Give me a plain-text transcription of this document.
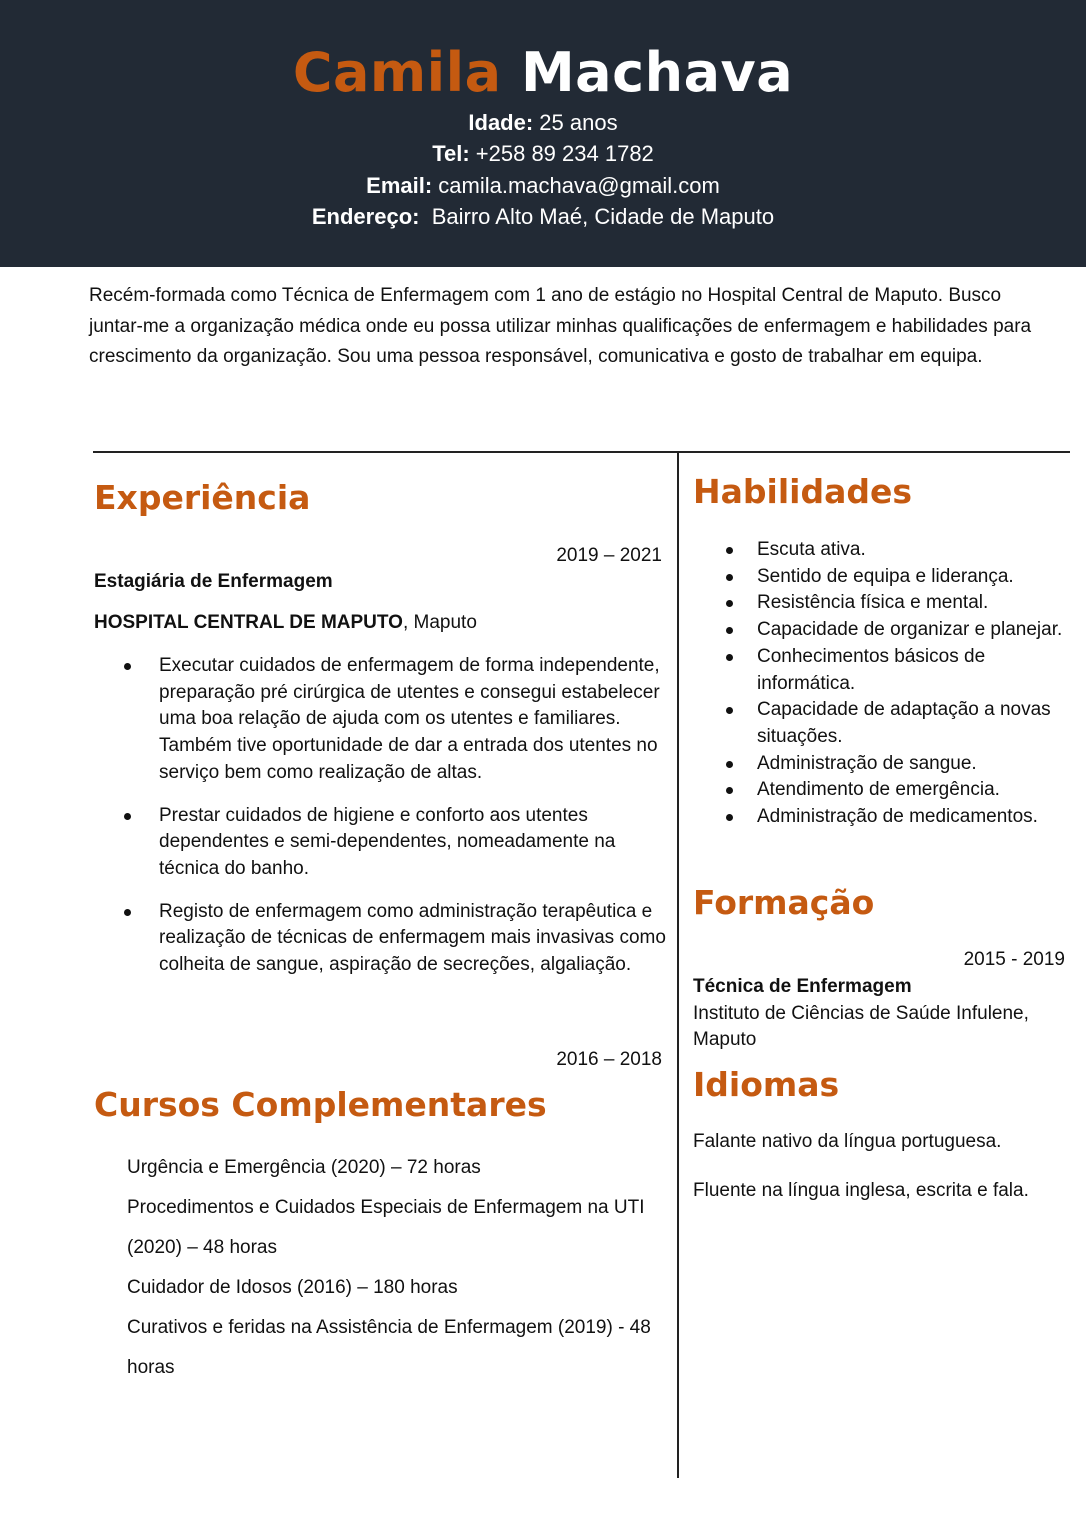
Camila Machava
Idade: 25 anos
Tel: +258 89 234 1782
Email: camila.machava@gmail.com
Endereço:  Bairro Alto Maé, Cidade de Maputo
Recém-formada como Técnica de Enfermagem com 1 ano de estágio no Hospital Central de Maputo. Busco juntar-me a organização médica onde eu possa utilizar minhas qualificações de enfermagem e habilidades para crescimento da organização. Sou uma pessoa responsável, comunicativa e gosto de trabalhar em equipa.
Experiência
2019 – 2021
Estagiária de Enfermagem
HOSPITAL CENTRAL DE MAPUTO, Maputo
Executar cuidados de enfermagem de forma independente, preparação pré cirúrgica de utentes e consegui estabelecer uma boa relação de ajuda com os utentes e familiares. Também tive oportunidade de dar a entrada dos utentes no serviço bem como realização de altas.
Prestar cuidados de higiene e conforto aos utentes dependentes e semi-dependentes, nomeadamente na técnica do banho.
Registo de enfermagem como administração terapêutica e realização de técnicas de enfermagem mais invasivas como colheita de sangue, aspiração de secreções, algaliação.
2016 – 2018
Cursos Complementares
Urgência e Emergência (2020) – 72 horas
Procedimentos e Cuidados Especiais de Enfermagem na UTI (2020) – 48 horas
Cuidador de Idosos (2016) – 180 horas
Curativos e feridas na Assistência de Enfermagem (2019) - 48 horas
Habilidades
Escuta ativa.
Sentido de equipa e liderança.
Resistência física e mental.
Capacidade de organizar e planejar.
Conhecimentos básicos de informática.
Capacidade de adaptação a novas situações.
Administração de sangue.
Atendimento de emergência.
Administração de medicamentos.
Formação
2015 - 2019
Técnica de Enfermagem
Instituto de Ciências de Saúde Infulene, Maputo
Idiomas
Falante nativo da língua portuguesa.
Fluente na língua inglesa, escrita e fala.
